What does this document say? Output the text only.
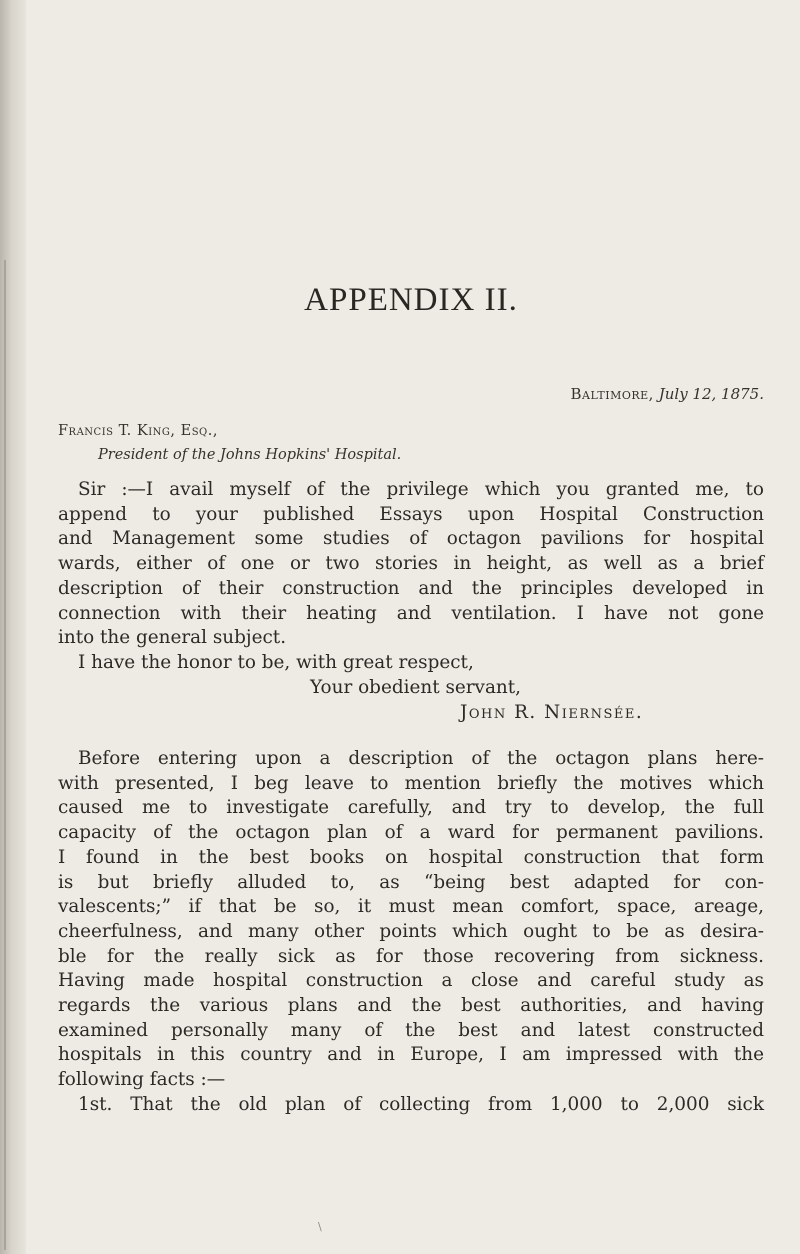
APPENDIX II.
Baltimore, July 12, 1875.
Francis T. King, Esq.,
President of the Johns Hopkins' Hospital.
Sir :—I avail myself of the privilege which you granted me, to
append to your published Essays upon Hospital Construction
and Management some studies of octagon pavilions for hospital
wards, either of one or two stories in height, as well as a brief
description of their construction and the principles developed in
connection with their heating and ventilation. I have not gone
into the general subject.
I have the honor to be, with great respect,
Your obedient servant,
John R. Niernsée.
Before entering upon a description of the octagon plans here-
with presented, I beg leave to mention briefly the motives which
caused me to investigate carefully, and try to develop, the full
capacity of the octagon plan of a ward for permanent pavilions.
I found in the best books on hospital construction that form
is but briefly alluded to, as “being best adapted for con-
valescents;” if that be so, it must mean comfort, space, areage,
cheerfulness, and many other points which ought to be as desira-
ble for the really sick as for those recovering from sickness.
Having made hospital construction a close and careful study as
regards the various plans and the best authorities, and having
examined personally many of the best and latest constructed
hospitals in this country and in Europe, I am impressed with the
following facts :—
1st. That the old plan of collecting from 1,000 to 2,000 sick
\
